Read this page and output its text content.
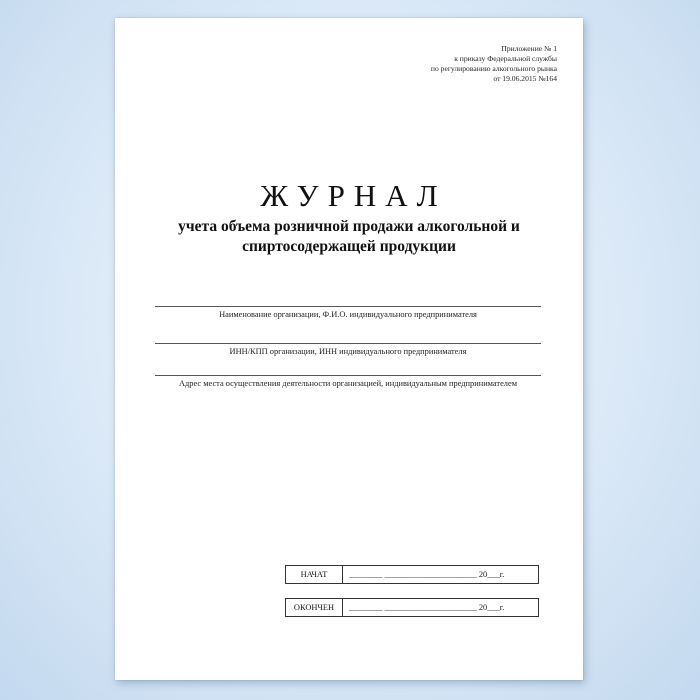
Приложение № 1
к приказу Федеральной службы
по регулированию алкогольного рынка
от 19.06.2015 №164
ЖУРНАЛ
учета объема розничной продажи алкогольной и
спиртосодержащей продукции
Наименование организации, Ф.И.О. индивидуального предпринимателя
ИНН/КПП организации, ИНН индивидуального предпринимателя
Адрес места осуществления деятельности организацией, индивидуальным предпринимателем
НАЧАТ	________ ______________________ 20___г.
ОКОНЧЕН	________ ______________________ 20___г.
